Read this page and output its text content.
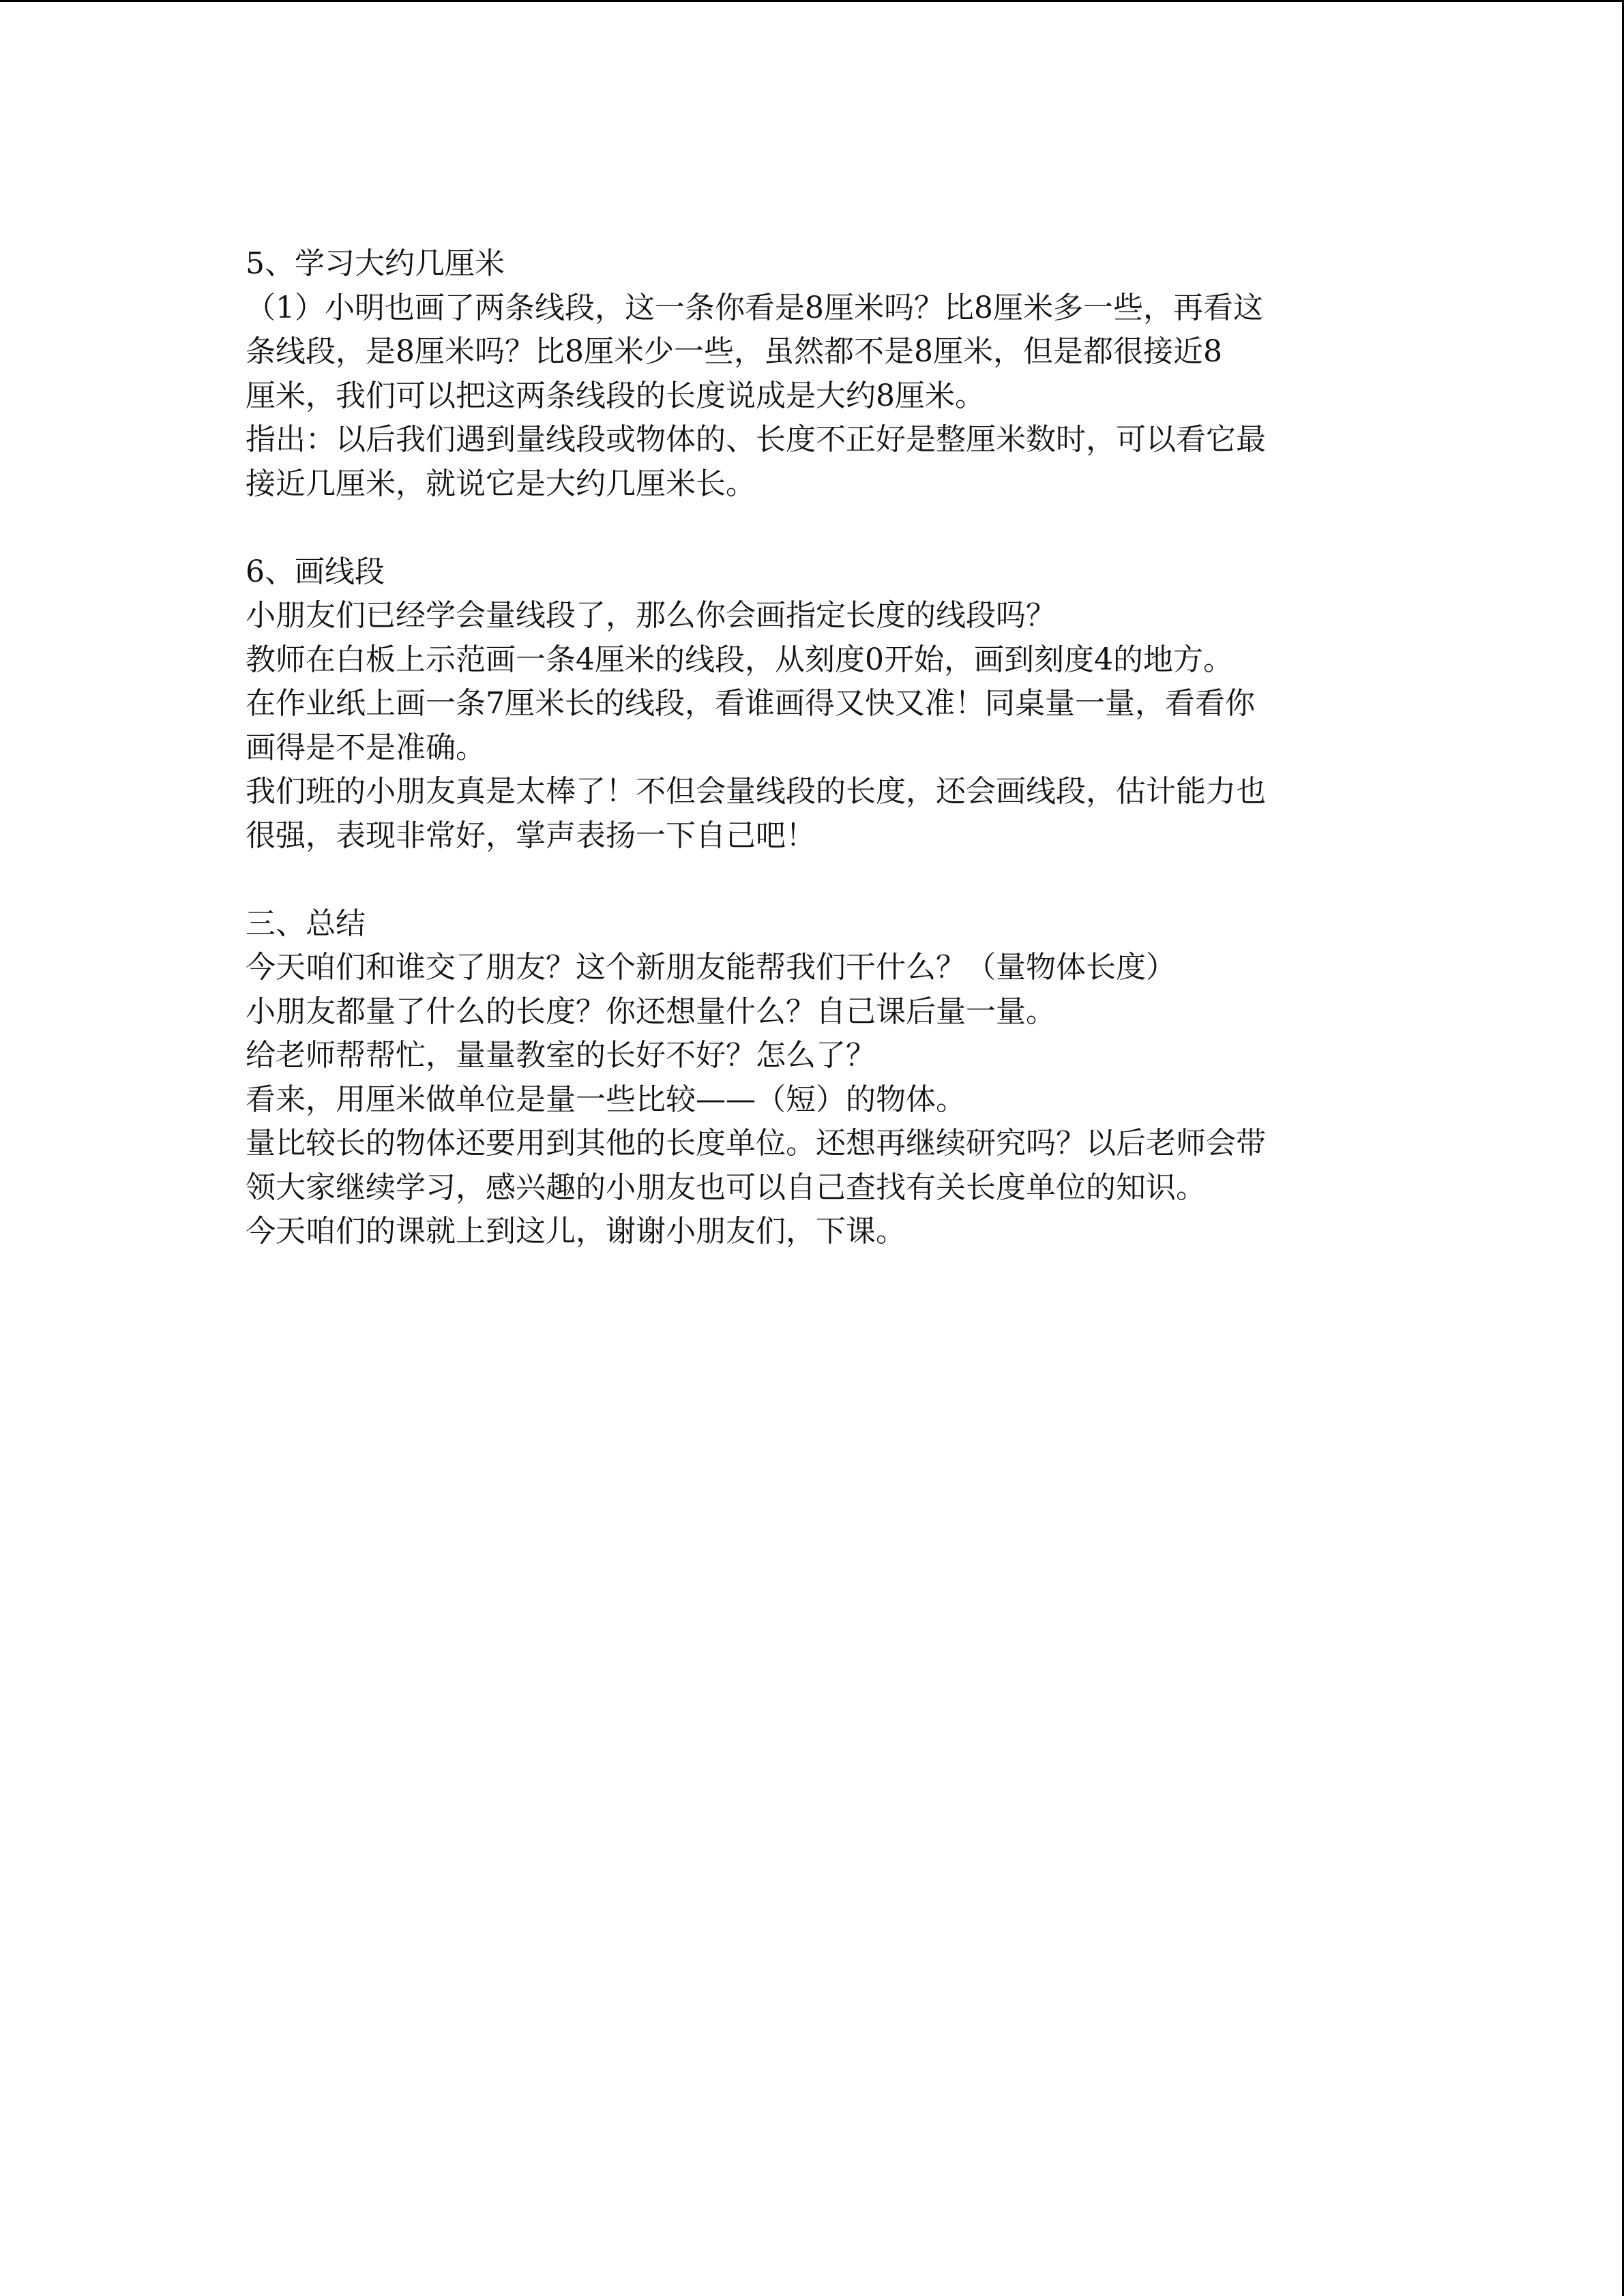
5、学习大约几厘米
（1）小明也画了两条线段，这一条你看是8厘米吗？比8厘米多一些，再看这
条线段，是8厘米吗？比8厘米少一些，虽然都不是8厘米，但是都很接近8
厘米，我们可以把这两条线段的长度说成是大约8厘米。
指出：以后我们遇到量线段或物体的、长度不正好是整厘米数时，可以看它最
接近几厘米，就说它是大约几厘米长。
6、画线段
小朋友们已经学会量线段了，那么你会画指定长度的线段吗？
教师在白板上示范画一条4厘米的线段，从刻度0开始，画到刻度4的地方。
在作业纸上画一条7厘米长的线段，看谁画得又快又准！同桌量一量，看看你
画得是不是准确。
我们班的小朋友真是太棒了！不但会量线段的长度，还会画线段，估计能力也
很强，表现非常好，掌声表扬一下自己吧！
三、总结
今天咱们和谁交了朋友？这个新朋友能帮我们干什么？（量物体长度）
小朋友都量了什么的长度？你还想量什么？自己课后量一量。
给老师帮帮忙，量量教室的长好不好？怎么了？
看来，用厘米做单位是量一些比较——（短）的物体。
量比较长的物体还要用到其他的长度单位。还想再继续研究吗？以后老师会带
领大家继续学习，感兴趣的小朋友也可以自己查找有关长度单位的知识。
今天咱们的课就上到这儿，谢谢小朋友们，下课。
